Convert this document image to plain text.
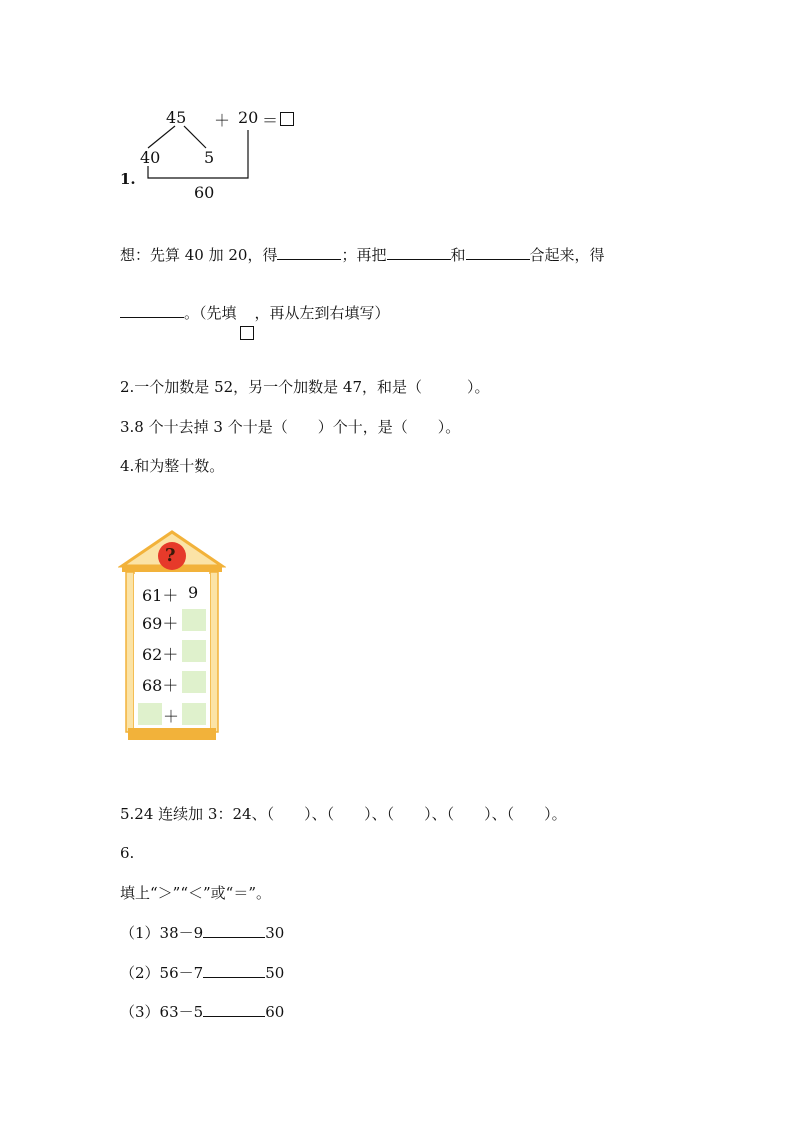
45 ＋ 20 ＝
40	5
60
1.
想：先算 40 加 20，得	；再把	和	合起来，得
。（先填 ，再从左到右填写）
2.一个加数是 52，另一个加数是 47，和是（　　　）。
3.8 个十去掉 3 个十是（　　）个十，是（　　）。
4.和为整十数。
?
61＋ 9
69＋
62＋
68＋
＋
5.24 连续加 3：24、（　　）、（　　）、（　　）、（　　）、（　　）。
6.
填上“＞”“＜”或“＝”。
（1）38－9	30
（2）56－7	50
（3）63－5	60
